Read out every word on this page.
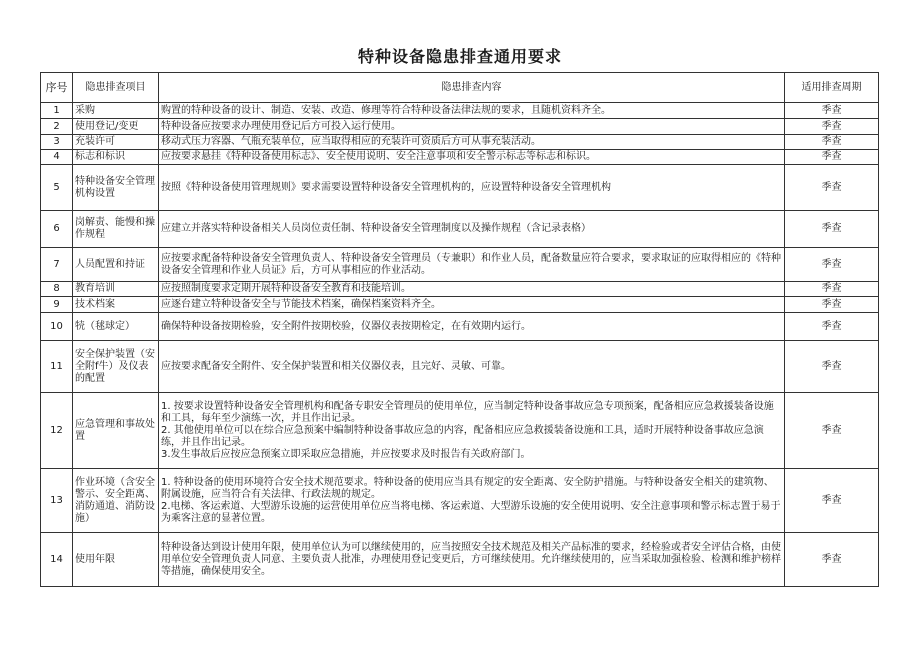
特种设备隐患排查通用要求
序号	隐患排查项目	隐患排查内容	适用排查周期
1	采购	购置的特种设备的设计、制造、安装、改造、修理等符合特种设备法律法规的要求，且随机资料齐全。	季查
2	使用登记/变更	特种设备应按要求办理使用登记后方可投入运行使用。	季查
3	充装许可	移动式压力容器、气瓶充装单位，应当取得相应的充装许可资质后方可从事充装活动。	季查
4	标志和标识	应按要求悬挂《特种设备使用标志》、安全使用说明、安全注意事项和安全警示标志等标志和标识。	季查
5	特种设备安全管理机构设置	按照《特种设备使用管理规则》要求需要设置特种设备安全管理机构的，应设置特种设备安全管理机构	季查
6	岗解责、能慢和操作规程	应建立并落实特种设备相关人员岗位责任制、特种设备安全管理制度以及操作规程（含记录表格）	季查
7	人员配置和持证	应按要求配备特种设备安全管理负责人、特种设备安全管理员（专兼职）和作业人员，配备数量应符合要求，要求取证的应取得相应的《特种设备安全管理和作业人员证》后，方可从事相应的作业活动。	季查
8	教育培训	应按照制度要求定期开展特种设备安全教育和技能培训。	季查
9	技术档案	应逐台建立特种设备安全与节能技术档案，确保档案资料齐全。	季查
10	㸿（毬球定）	确保特种设备按期检验，安全附件按期校验，仪器仪表按期检定，在有效期内运行。	季查
11	安全保护装置（安全附f牛）及仪表的配置	应按要求配备安全附件、安全保护装置和相关仪器仪表，且完好、灵敏、可靠。	季查
12	应急管理和事故处置	1. 按要求设置特种设备安全管理机构和配备专职安全管理员的使用单位，应当制定特种设备事故应急专项预案，配备相应应急救援装备设施和工具，每年至少演练一次，并且作出记录。
2. 其他使用单位可以在综合应急预案中编制特种设备事故应急的内容，配备相应应急救援装备设施和工具，适时开展特种设备事故应急演练，并且作出记录。
3.发生事故后应按应急预案立即采取应急措施，并应按要求及时报告有关政府部门。	季查
13	作业环境（含安全警示、安全距离、消防通道、消防设施）	1. 特种设备的使用环境符合安全技术规范要求。特种设备的使用应当具有规定的安全距离、安全防护措施。与特种设备安全相关的建筑物、附属设施，应当符合有关法律、行政法规的规定。
2.电梯、客运索道、大型游乐设施的运营使用单位应当将电梯、客运索道、大型游乐设施的安全使用说明、安全注意事项和警示标志置于易于为乘客注意的显著位置。	季查
14	使用年限	特种设备达到设计使用年限，使用单位认为可以继续使用的，应当按照安全技术规范及相关产品标准的要求，经检验或者安全评估合格，由使用单位安全管理负责人同意、主要负责人批准，办理使用登记变更后，方可继续使用。允许继续使用的，应当采取加强检验、检测和维护榜样等措施，确保使用安全。	季查
